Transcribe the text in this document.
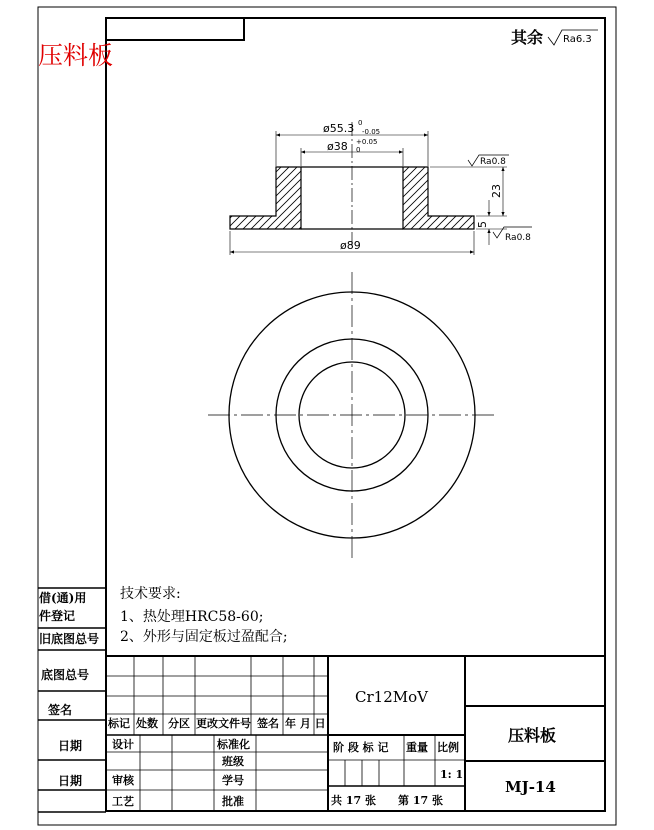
压料板
其余 Ra6.3
ø55.3 0
-0.05
ø38 +0.05
0
ø89
23
5
Ra0.8
Ra0.8
借(通)用
件登记
旧底图总号
底图总号
签名
日期
日期
技术要求:
1、热处理HRC58-60;
2、外形与固定板过盈配合;
Cr12MoV
压料板
MJ-14
标记 处数 分区 更改文件号 签名 年 月 日
设计	标准化
班级
审核	学号
工艺	批准
阶 段 标 记 重量 比例
1: 1
共 17 张 第 17 张
